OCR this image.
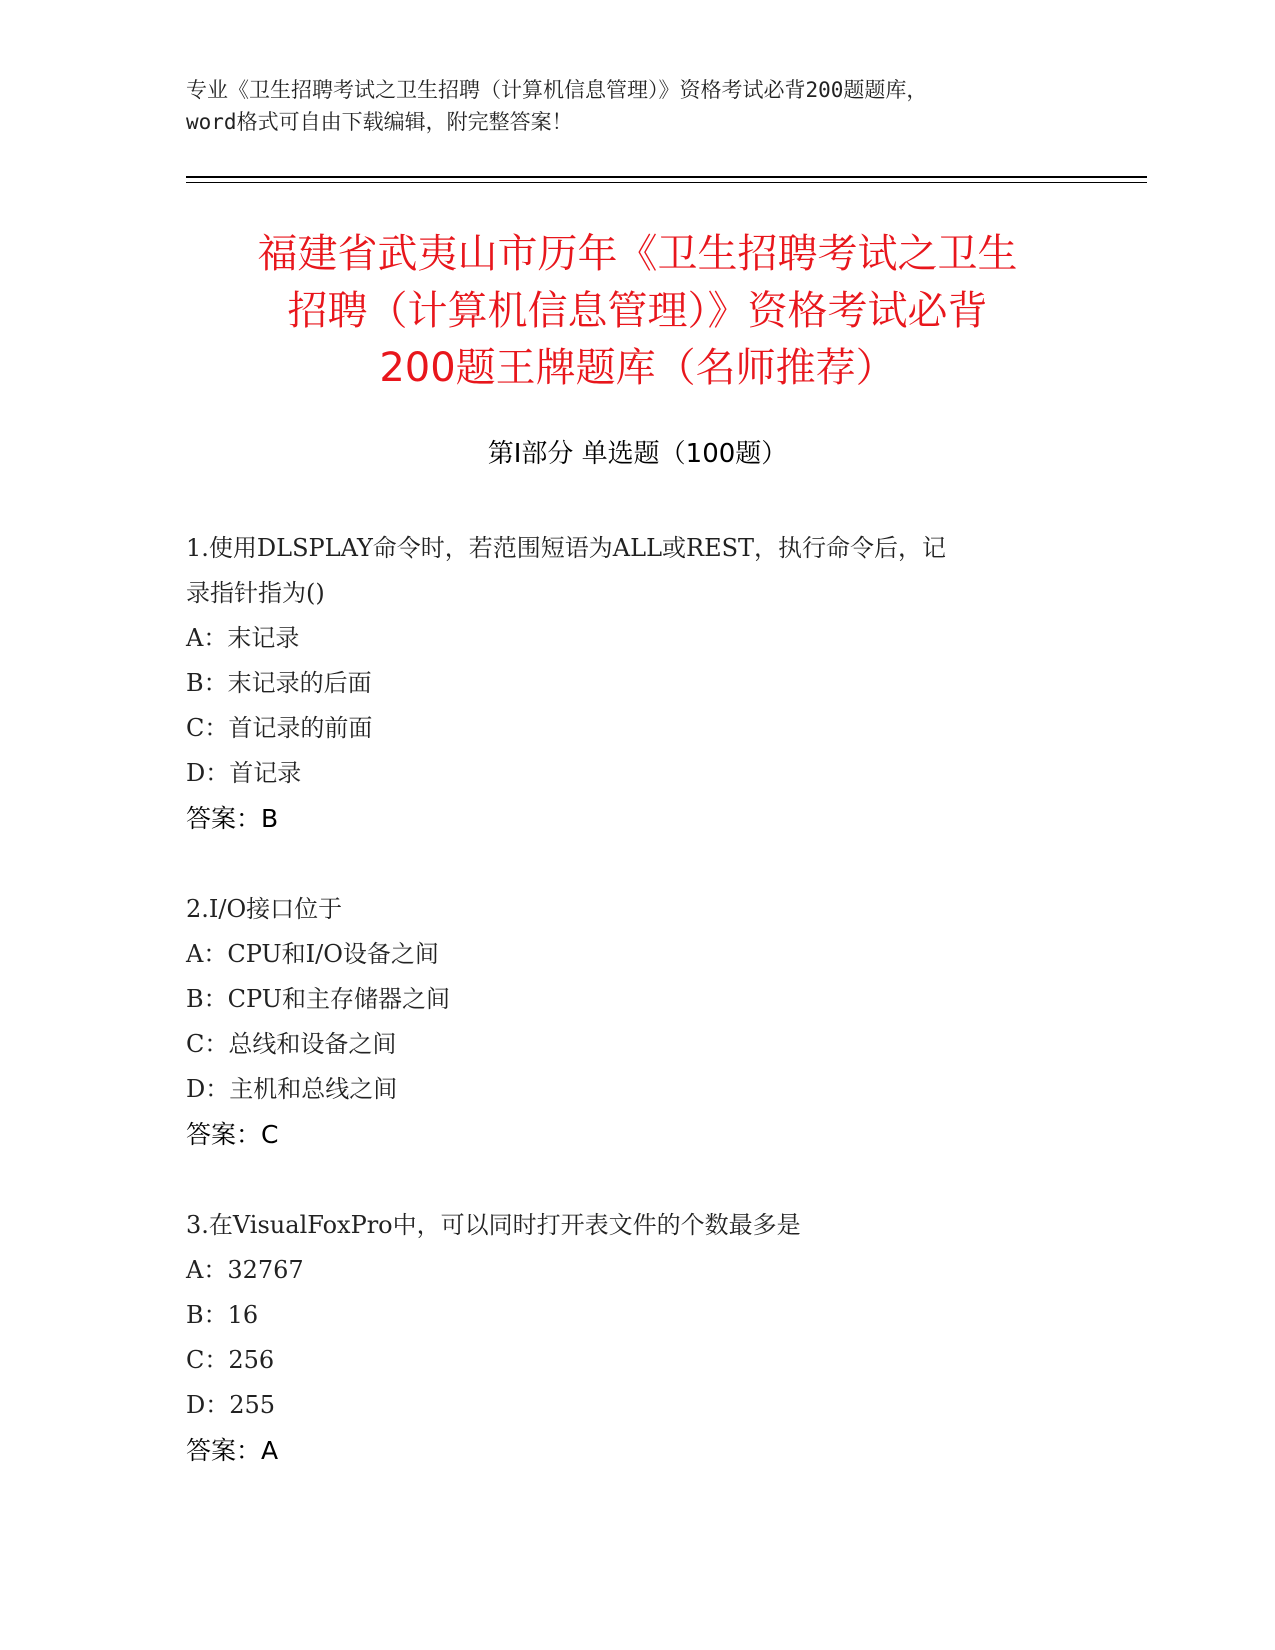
专业《卫生招聘考试之卫生招聘（计算机信息管理）》资格考试必背200题题库，
word格式可自由下载编辑，附完整答案！
福建省武夷山市历年《卫生招聘考试之卫生
招聘（计算机信息管理）》资格考试必背
200题王牌题库（名师推荐）
第Ⅰ部分 单选题（100题）
1.使用DLSPLAY命令时，若范围短语为ALL或REST，执行命令后，记
录指针指为()
A：末记录
B：末记录的后面
C：首记录的前面
D：首记录
答案：B
2.I/O接口位于
A：CPU和I/O设备之间
B：CPU和主存储器之间
C：总线和设备之间
D：主机和总线之间
答案：C
3.在VisualFoxPro中，可以同时打开表文件的个数最多是
A：32767
B：16
C：256
D：255
答案：A
